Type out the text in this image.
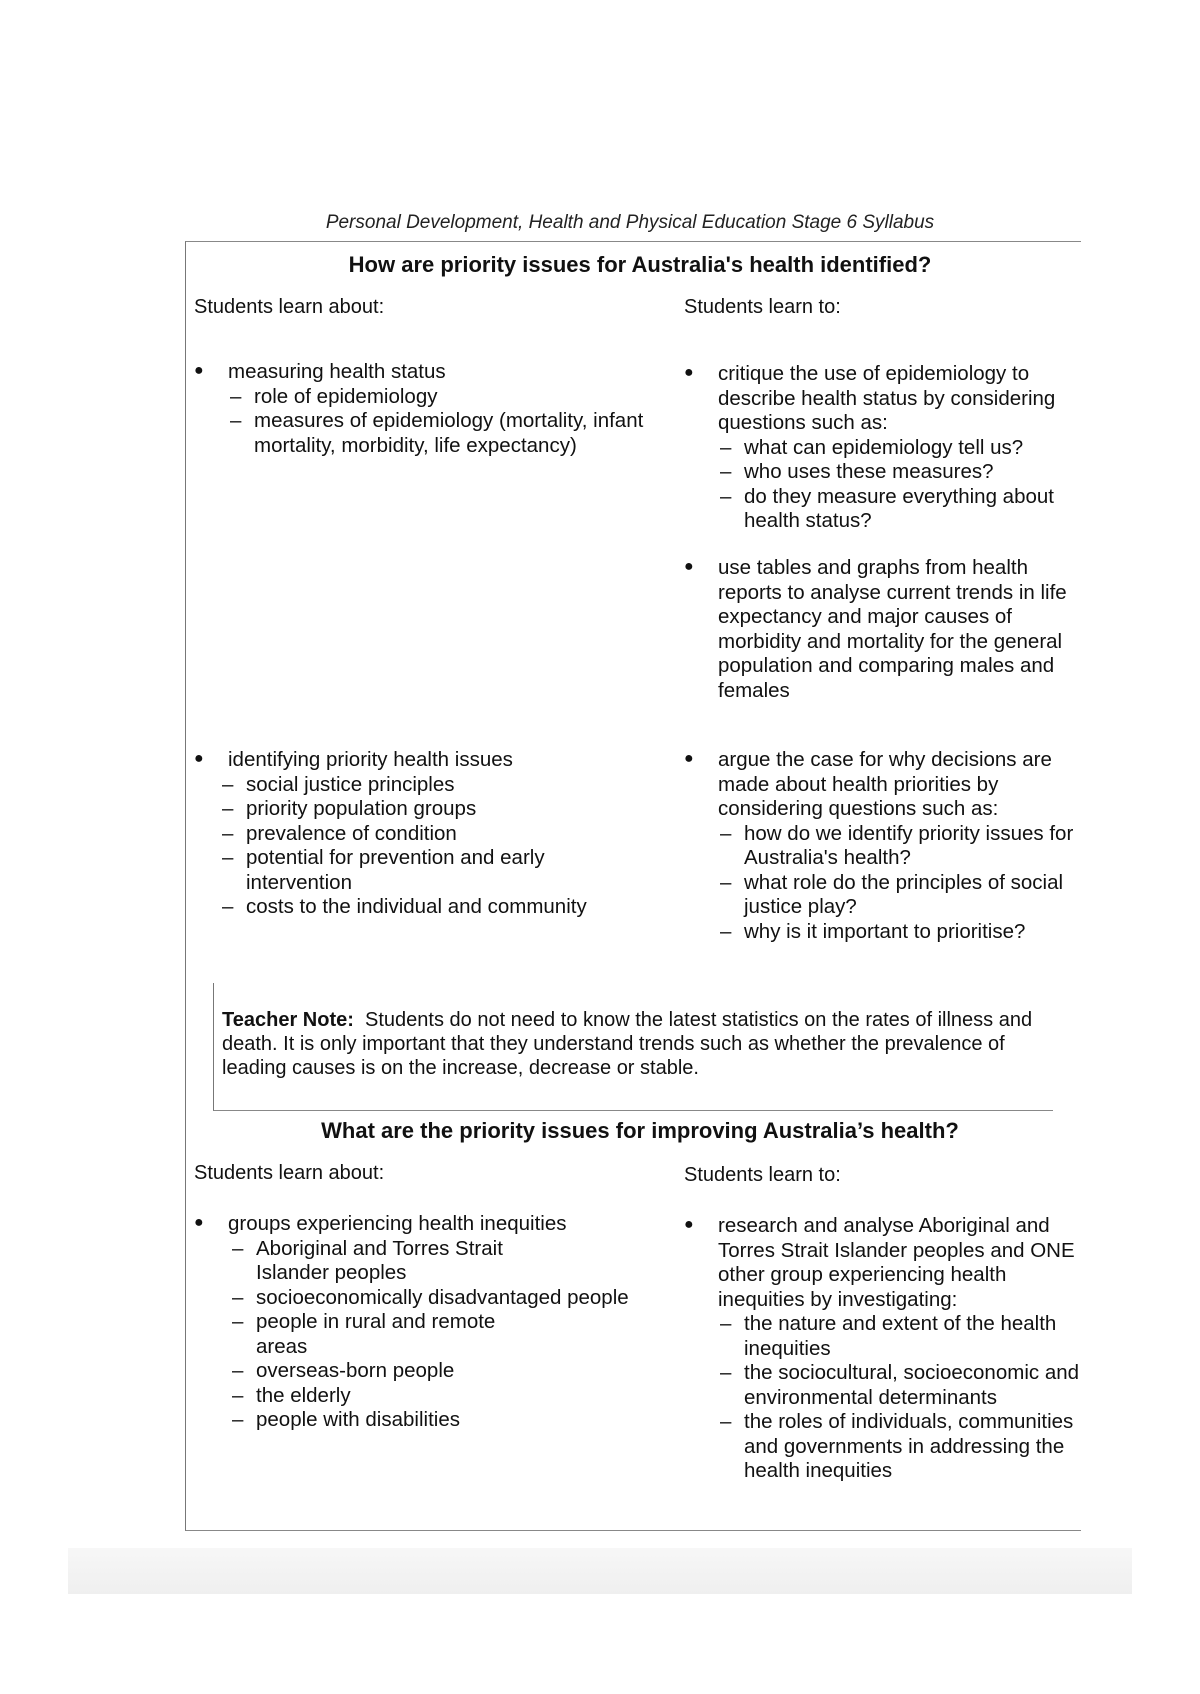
Personal Development, Health and Physical Education Stage 6 Syllabus
How are priority issues for Australia's health identified?
Students learn about:	Students learn to:
● measuring health status
– role of epidemiology
– measures of epidemiology (mortality, infant mortality, morbidity, life expectancy)
● critique the use of epidemiology to describe health status by considering questions such as:
– what can epidemiology tell us?
– who uses these measures?
– do they measure everything about health status?
● use tables and graphs from health reports to analyse current trends in life expectancy and major causes of morbidity and mortality for the general population and comparing males and females
● identifying priority health issues
– social justice principles
– priority population groups
– prevalence of condition
– potential for prevention and early intervention
– costs to the individual and community
● argue the case for why decisions are made about health priorities by considering questions such as:
– how do we identify priority issues for Australia's health?
– what role do the principles of social justice play?
– why is it important to prioritise?
Teacher Note: Students do not need to know the latest statistics on the rates of illness and death. It is only important that they understand trends such as whether the prevalence of leading causes is on the increase, decrease or stable.
What are the priority issues for improving Australia’s health?
Students learn about:	Students learn to:
● groups experiencing health inequities
– Aboriginal and Torres Strait Islander peoples
– socioeconomically disadvantaged people
– people in rural and remote areas
– overseas-born people
– the elderly
– people with disabilities
● research and analyse Aboriginal and Torres Strait Islander peoples and ONE other group experiencing health inequities by investigating:
– the nature and extent of the health inequities
– the sociocultural, socioeconomic and environmental determinants
– the roles of individuals, communities and governments in addressing the health inequities
